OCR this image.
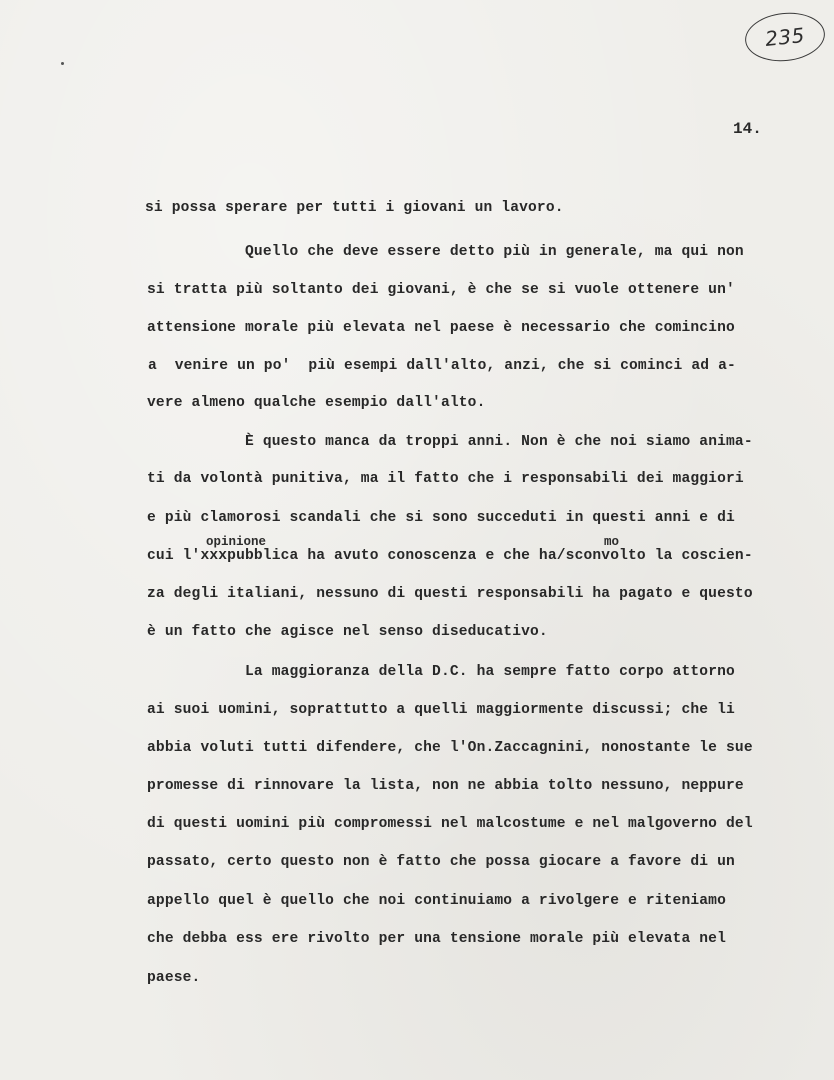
235
14.
si possa sperare per tutti i giovani un lavoro.
Quello che deve essere detto più in generale, ma qui non
si tratta più soltanto dei giovani, è che se si vuole ottenere un'
attensione morale più elevata nel paese è necessario che comincino
a  venire un po'  più esempi dall'alto, anzi, che si cominci ad a-
vere almeno qualche esempio dall'alto.
È questo manca da troppi anni. Non è che noi siamo anima-
ti da volontà punitiva, ma il fatto che i responsabili dei maggiori
e più clamorosi scandali che si sono succeduti in questi anni e di
opinione	mo
cui l'xxxpubblica ha avuto conoscenza e che ha/sconvolto la coscien-
za degli italiani, nessuno di questi responsabili ha pagato e questo
è un fatto che agisce nel senso diseducativo.
La maggioranza della D.C. ha sempre fatto corpo attorno
ai suoi uomini, soprattutto a quelli maggiormente discussi; che li
abbia voluti tutti difendere, che l'On.Zaccagnini, nonostante le sue
promesse di rinnovare la lista, non ne abbia tolto nessuno, neppure
di questi uomini più compromessi nel malcostume e nel malgoverno del
passato, certo questo non è fatto che possa giocare a favore di un
appello quel è quello che noi continuiamo a rivolgere e riteniamo
che debba ess ere rivolto per una tensione morale più elevata nel
paese.
